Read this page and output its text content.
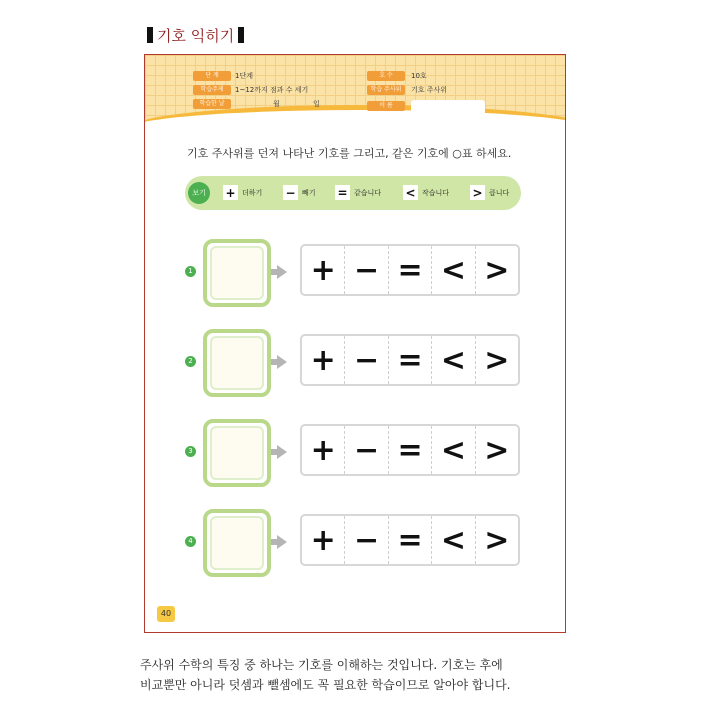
기호 익히기
단 계	1단계
학습주제	1~12까지 점과 수 세기
학습한 날	월	일
호 수	10호
학습 주사위	기호 주사위
이 름
기호 주사위를 던져 나타난 기호를 그리고, 같은 기호에 ○표 하세요.
보기	+ 더하기 − 빼기 = 같습니다 < 작습니다 > 큽니다
1	+ − = < >
2	+ − = < >
3	+ − = < >
4	+ − = < >
40
주사위 수학의 특징 중 하나는 기호를 이해하는 것입니다. 기호는 후에
비교뿐만 아니라 덧셈과 뺄셈에도 꼭 필요한 학습이므로 알아야 합니다.
